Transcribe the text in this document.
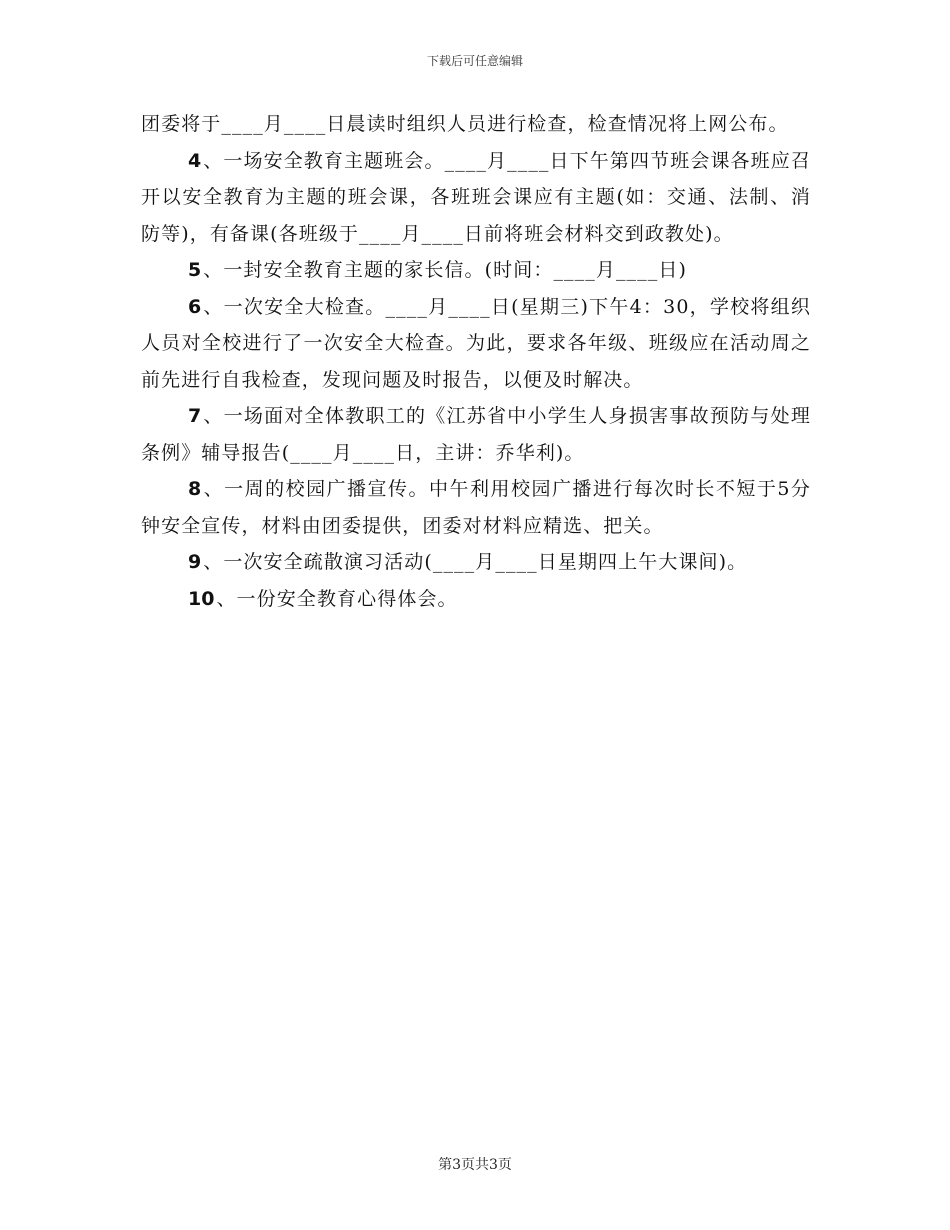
下载后可任意编辑

团委将于____月____日晨读时组织人员进行检查，检查情况将上网公布。

4 、一场安全教育主题班会。____月____日下午第四节班会课各班应召开以安全教育为主题的班会课，各班班会课应有主题(如：交通、法制、消防等)，有备课(各班级于____月____日前将班会材料交到政教处)。

5 、一封安全教育主题的家长信。(时间：____月____日)

6 、一次安全大检查。____月____日(星期三)下午4：30，学校将组织人员对全校进行了一次安全大检查。为此，要求各年级、班级应在活动周之前先进行自我检查，发现问题及时报告，以便及时解决。

7 、一场面对全体教职工的《江苏省中小学生人身损害事故预防与处理条例》辅导报告(____月____日，主讲：乔华利)。

8 、一周的校园广播宣传。中午利用校园广播进行每次时长不短于5分钟安全宣传，材料由团委提供，团委对材料应精选、把关。

9 、一次安全疏散演习活动(____月____日星期四上午大课间)。

10 、一份安全教育心得体会。

第3页共3页
